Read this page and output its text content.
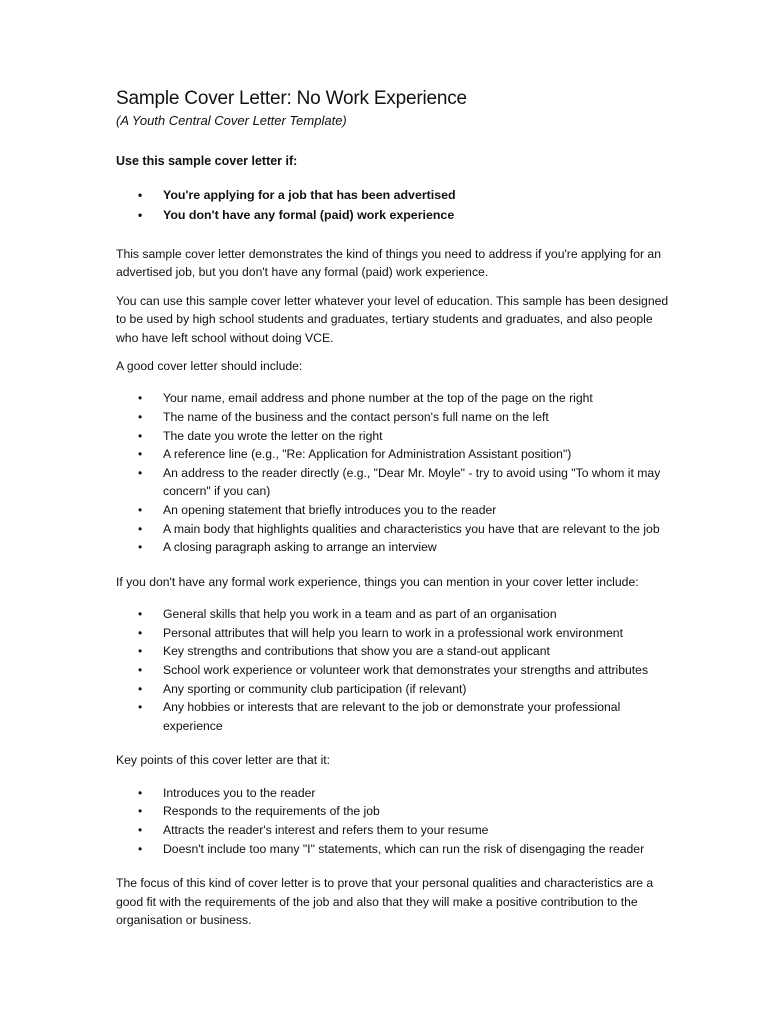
Sample Cover Letter: No Work Experience
(A Youth Central Cover Letter Template)
Use this sample cover letter if:
• You're applying for a job that has been advertised
• You don't have any formal (paid) work experience

This sample cover letter demonstrates the kind of things you need to address if you're applying for an advertised job, but you don't have any formal (paid) work experience.

You can use this sample cover letter whatever your level of education. This sample has been designed to be used by high school students and graduates, tertiary students and graduates, and also people who have left school without doing VCE.

A good cover letter should include:

• Your name, email address and phone number at the top of the page on the right
• The name of the business and the contact person's full name on the left
• The date you wrote the letter on the right
• A reference line (e.g., "Re: Application for Administration Assistant position")
• An address to the reader directly (e.g., "Dear Mr. Moyle" - try to avoid using "To whom it may concern" if you can)
• An opening statement that briefly introduces you to the reader
• A main body that highlights qualities and characteristics you have that are relevant to the job
• A closing paragraph asking to arrange an interview

If you don't have any formal work experience, things you can mention in your cover letter include:

• General skills that help you work in a team and as part of an organisation
• Personal attributes that will help you learn to work in a professional work environment
• Key strengths and contributions that show you are a stand-out applicant
• School work experience or volunteer work that demonstrates your strengths and attributes
• Any sporting or community club participation (if relevant)
• Any hobbies or interests that are relevant to the job or demonstrate your professional experience

Key points of this cover letter are that it:

• Introduces you to the reader
• Responds to the requirements of the job
• Attracts the reader's interest and refers them to your resume
• Doesn't include too many "I" statements, which can run the risk of disengaging the reader

The focus of this kind of cover letter is to prove that your personal qualities and characteristics are a good fit with the requirements of the job and also that they will make a positive contribution to the organisation or business.
